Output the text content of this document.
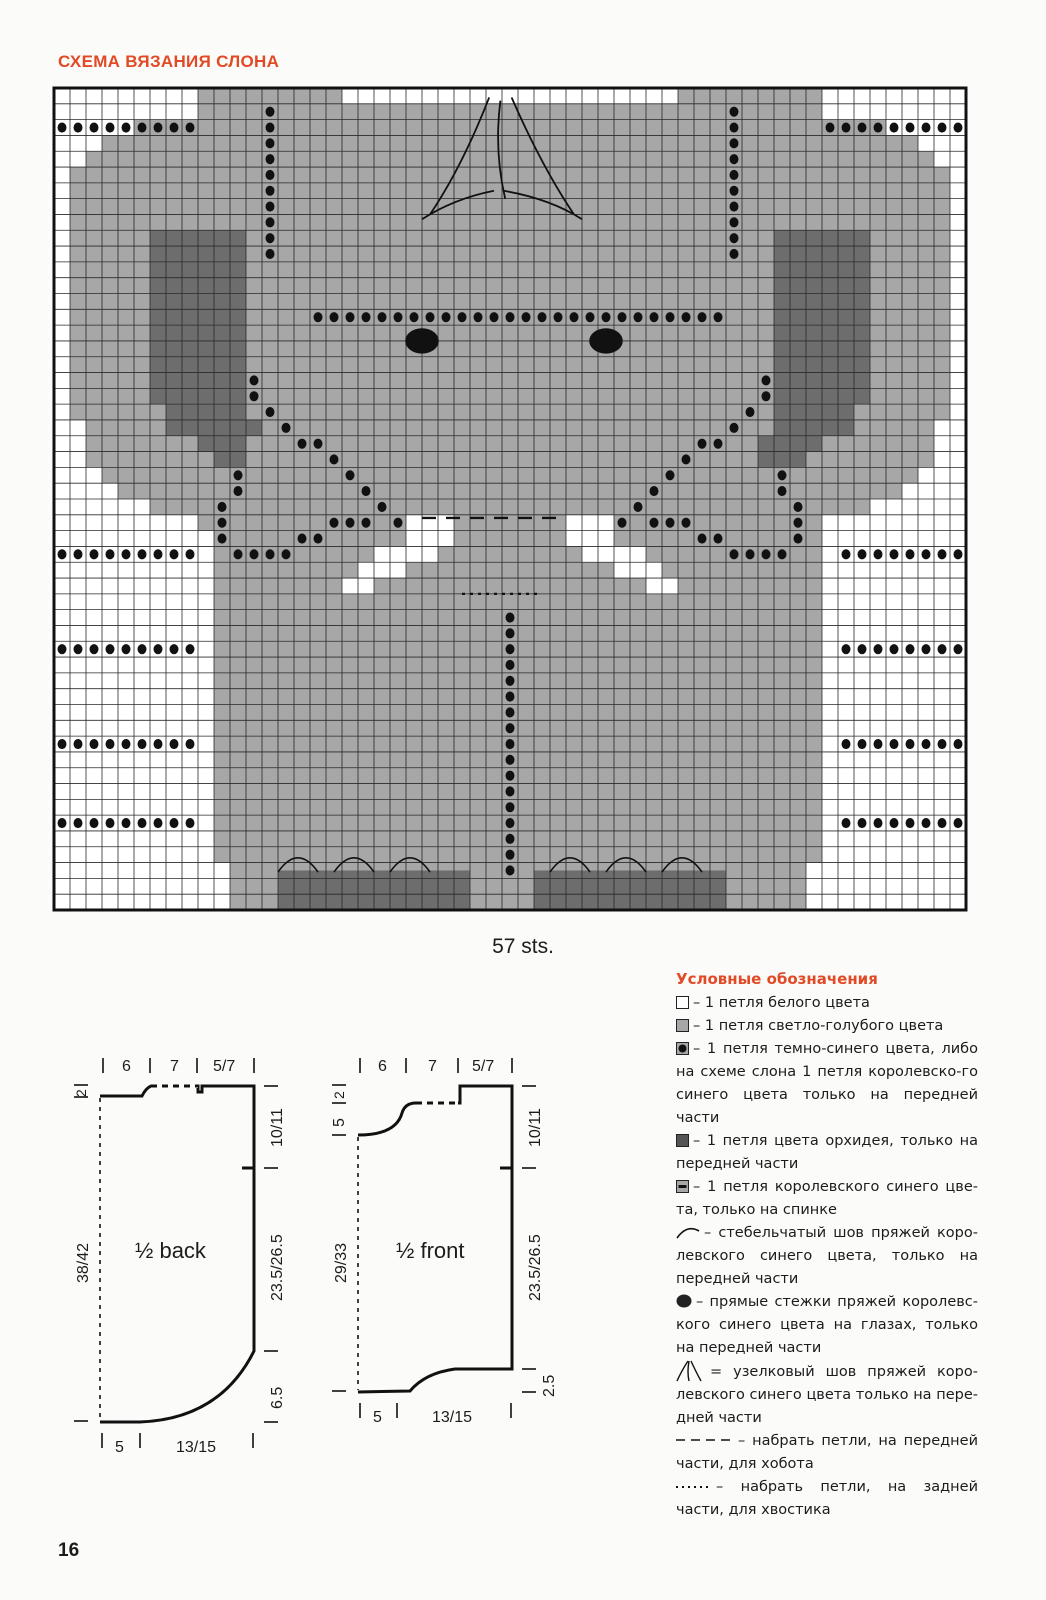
СХЕМА ВЯЗАНИЯ СЛОНА
57 sts.
Условные обозначения
– 1 петля белого цвета
– 1 петля светло-голубого цвета
– 1 петля темно-синего цвета, либо на схеме слона 1 петля королевско-го синего цвета только на передней части
– 1 петля цвета орхидея, только на передней части
– 1 петля королевского синего цве-та, только на спинке
– стебельчатый шов пряжей коро-левского синего цвета, только на передней части
– прямые стежки пряжей королевс-кого синего цвета на глазах, только на передней части
= узелковый шов пряжей коро-левского синего цвета только на пере-дней части
– набрать петли, на передней части, для хобота
– набрать петли, на задней части, для хвостика
6 7 5/7
2
38/42
10/11
23.5/26.5
6.5
5	13/15
½ back
6	7 5/7
5
2
29/33
10/11
23.5/26.5
2.5
5	13/15
½ front
16
